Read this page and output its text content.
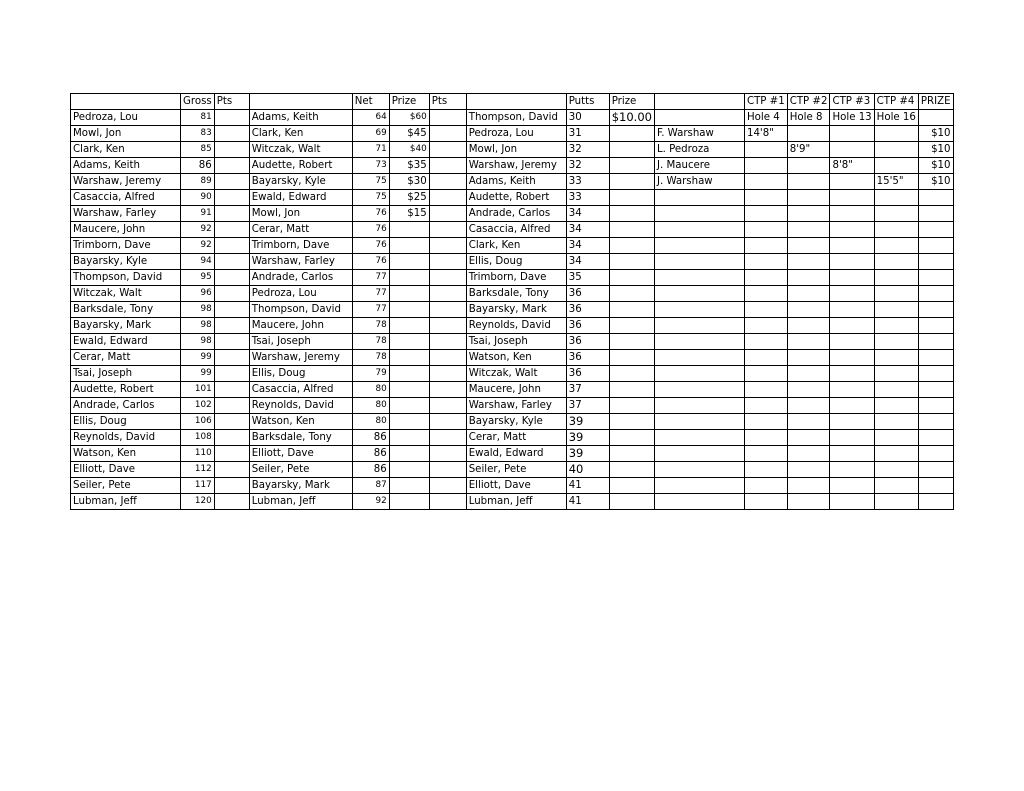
	Gross	Pts		Net	Prize	Pts		Putts	Prize		CTP #1	CTP #2	CTP #3	CTP #4	PRIZE
Pedroza, Lou	81		Adams, Keith	64	$60		Thompson, David	30	$10.00		Hole 4	Hole 8	Hole 13	Hole 16	
Mowl, Jon	83		Clark, Ken	69	$45		Pedroza, Lou	31		F. Warshaw	14'8"				$10
Clark, Ken	85		Witczak, Walt	71	$40		Mowl, Jon	32		L. Pedroza		8'9"			$10
Adams, Keith	86		Audette, Robert	73	$35		Warshaw, Jeremy	32		J. Maucere			8'8"		$10
Warshaw, Jeremy	89		Bayarsky, Kyle	75	$30		Adams, Keith	33		J. Warshaw				15'5"	$10
Casaccia, Alfred	90		Ewald, Edward	75	$25		Audette, Robert	33							
Warshaw, Farley	91		Mowl, Jon	76	$15		Andrade, Carlos	34							
Maucere, John	92		Cerar, Matt	76			Casaccia, Alfred	34							
Trimborn, Dave	92		Trimborn, Dave	76			Clark, Ken	34							
Bayarsky, Kyle	94		Warshaw, Farley	76			Ellis, Doug	34							
Thompson, David	95		Andrade, Carlos	77			Trimborn, Dave	35							
Witczak, Walt	96		Pedroza, Lou	77			Barksdale, Tony	36							
Barksdale, Tony	98		Thompson, David	77			Bayarsky, Mark	36							
Bayarsky, Mark	98		Maucere, John	78			Reynolds, David	36							
Ewald, Edward	98		Tsai, Joseph	78			Tsai, Joseph	36							
Cerar, Matt	99		Warshaw, Jeremy	78			Watson, Ken	36							
Tsai, Joseph	99		Ellis, Doug	79			Witczak, Walt	36							
Audette, Robert	101		Casaccia, Alfred	80			Maucere, John	37							
Andrade, Carlos	102		Reynolds, David	80			Warshaw, Farley	37							
Ellis, Doug	106		Watson, Ken	80			Bayarsky, Kyle	39							
Reynolds, David	108		Barksdale, Tony	86			Cerar, Matt	39							
Watson, Ken	110		Elliott, Dave	86			Ewald, Edward	39							
Elliott, Dave	112		Seiler, Pete	86			Seiler, Pete	40							
Seiler, Pete	117		Bayarsky, Mark	87			Elliott, Dave	41							
Lubman, Jeff	120		Lubman, Jeff	92			Lubman, Jeff	41							
